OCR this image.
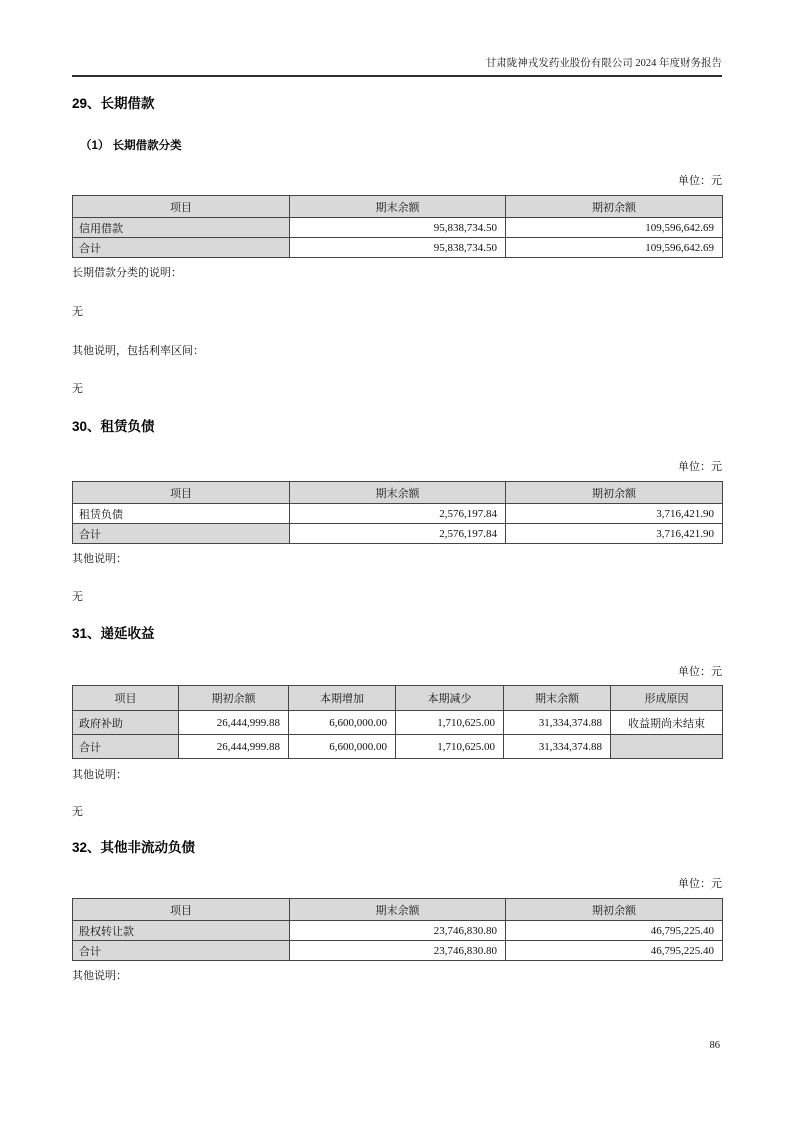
甘肃陇神戎发药业股份有限公司 2024 年度财务报告
29、长期借款
（1） 长期借款分类
单位：元
项目	期末余额	期初余额
信用借款	95,838,734.50	109,596,642.69
合计	95,838,734.50	109,596,642.69
长期借款分类的说明：
无
其他说明，包括利率区间：
无
30、租赁负债
单位：元
项目	期末余额	期初余额
租赁负债	2,576,197.84	3,716,421.90
合计	2,576,197.84	3,716,421.90
其他说明：
无
31、递延收益
单位：元
项目	期初余额	本期增加	本期减少	期末余额	形成原因
政府补助	26,444,999.88	6,600,000.00	1,710,625.00	31,334,374.88	收益期尚未结束
合计	26,444,999.88	6,600,000.00	1,710,625.00	31,334,374.88	
其他说明：
无
32、其他非流动负债
单位：元
项目	期末余额	期初余额
股权转让款	23,746,830.80	46,795,225.40
合计	23,746,830.80	46,795,225.40
其他说明：
86
